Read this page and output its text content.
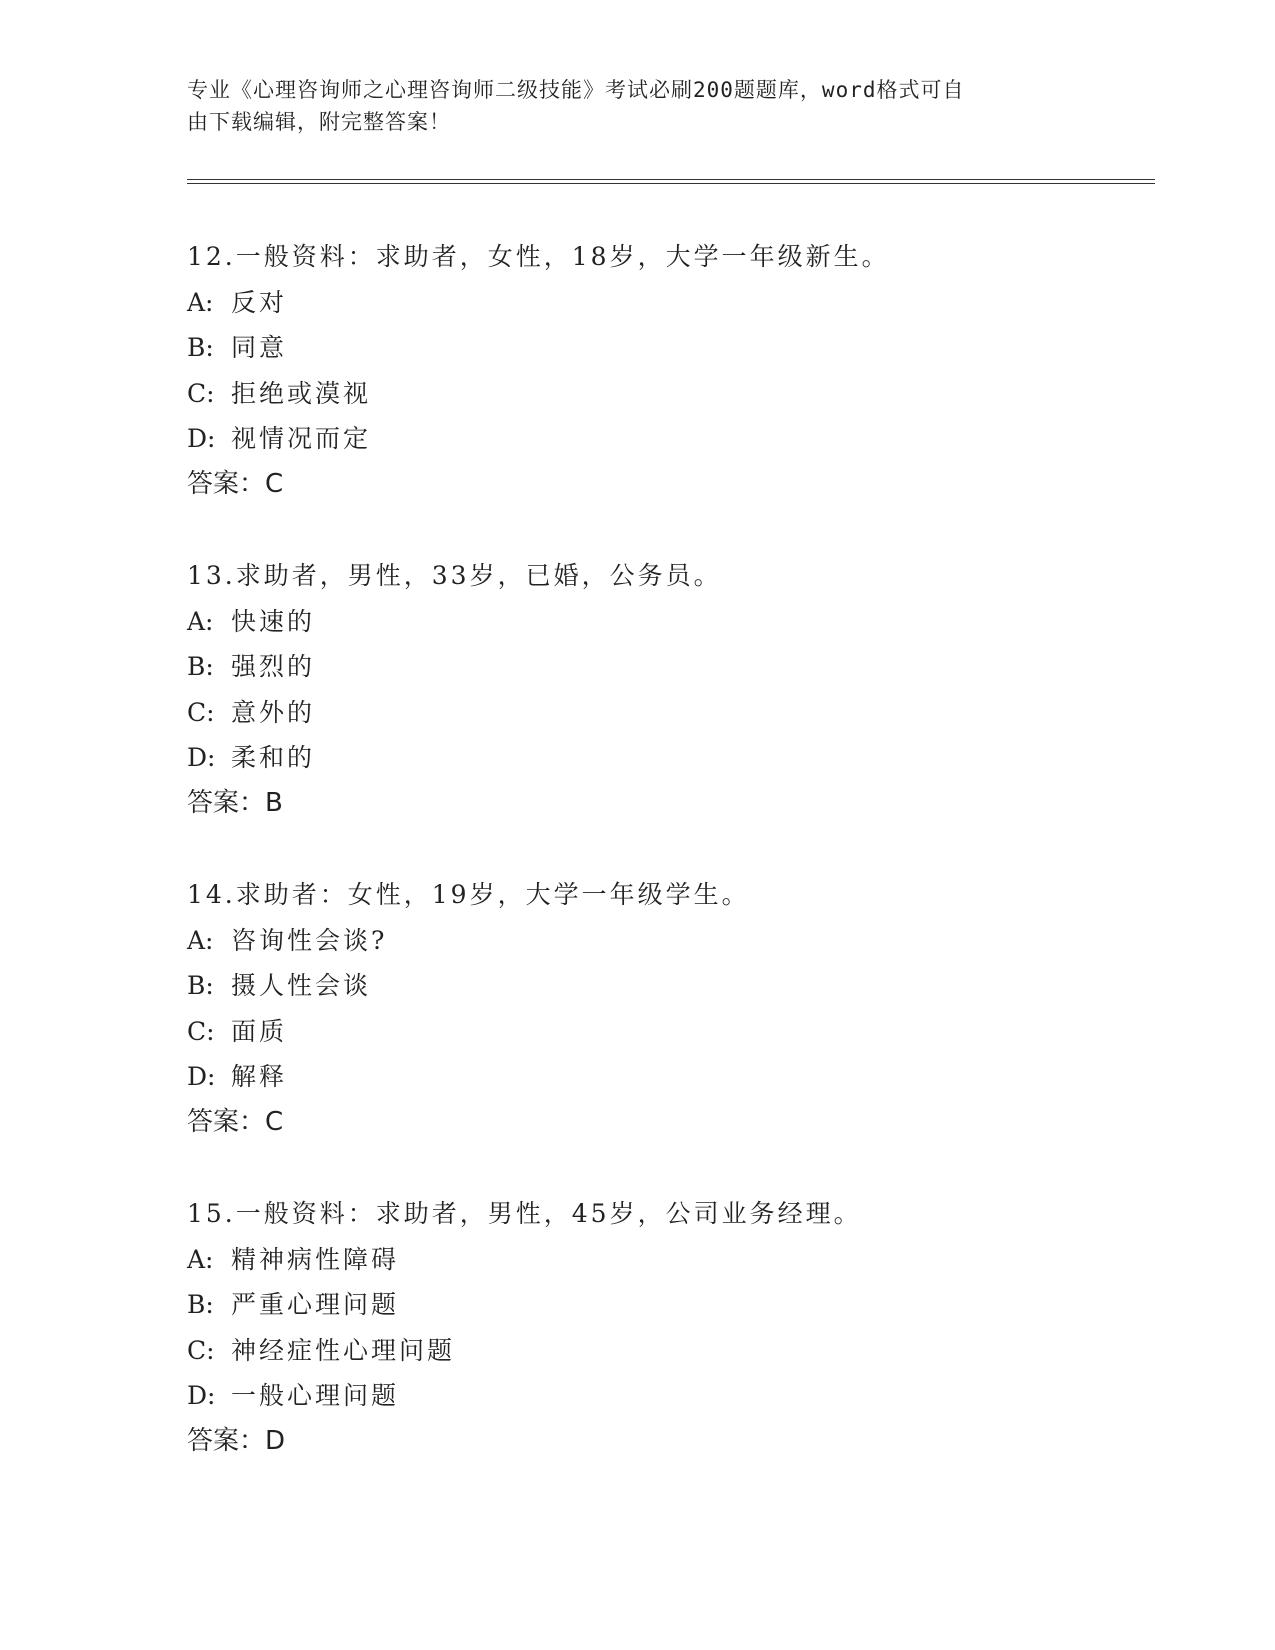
专业《心理咨询师之心理咨询师二级技能》考试必刷200题题库，word格式可自
由下载编辑，附完整答案！
12.一般资料：求助者，女性，18岁，大学一年级新生。
A: 反对
B: 同意
C: 拒绝或漠视
D: 视情况而定
答案：C
13.求助者，男性，33岁，已婚，公务员。
A: 快速的
B: 强烈的
C: 意外的
D: 柔和的
答案：B
14.求助者：女性，19岁，大学一年级学生。
A: 咨询性会谈?
B: 摄人性会谈
C: 面质
D: 解释
答案：C
15.一般资料：求助者，男性，45岁，公司业务经理。
A: 精神病性障碍
B: 严重心理问题
C: 神经症性心理问题
D: 一般心理问题
答案：D
